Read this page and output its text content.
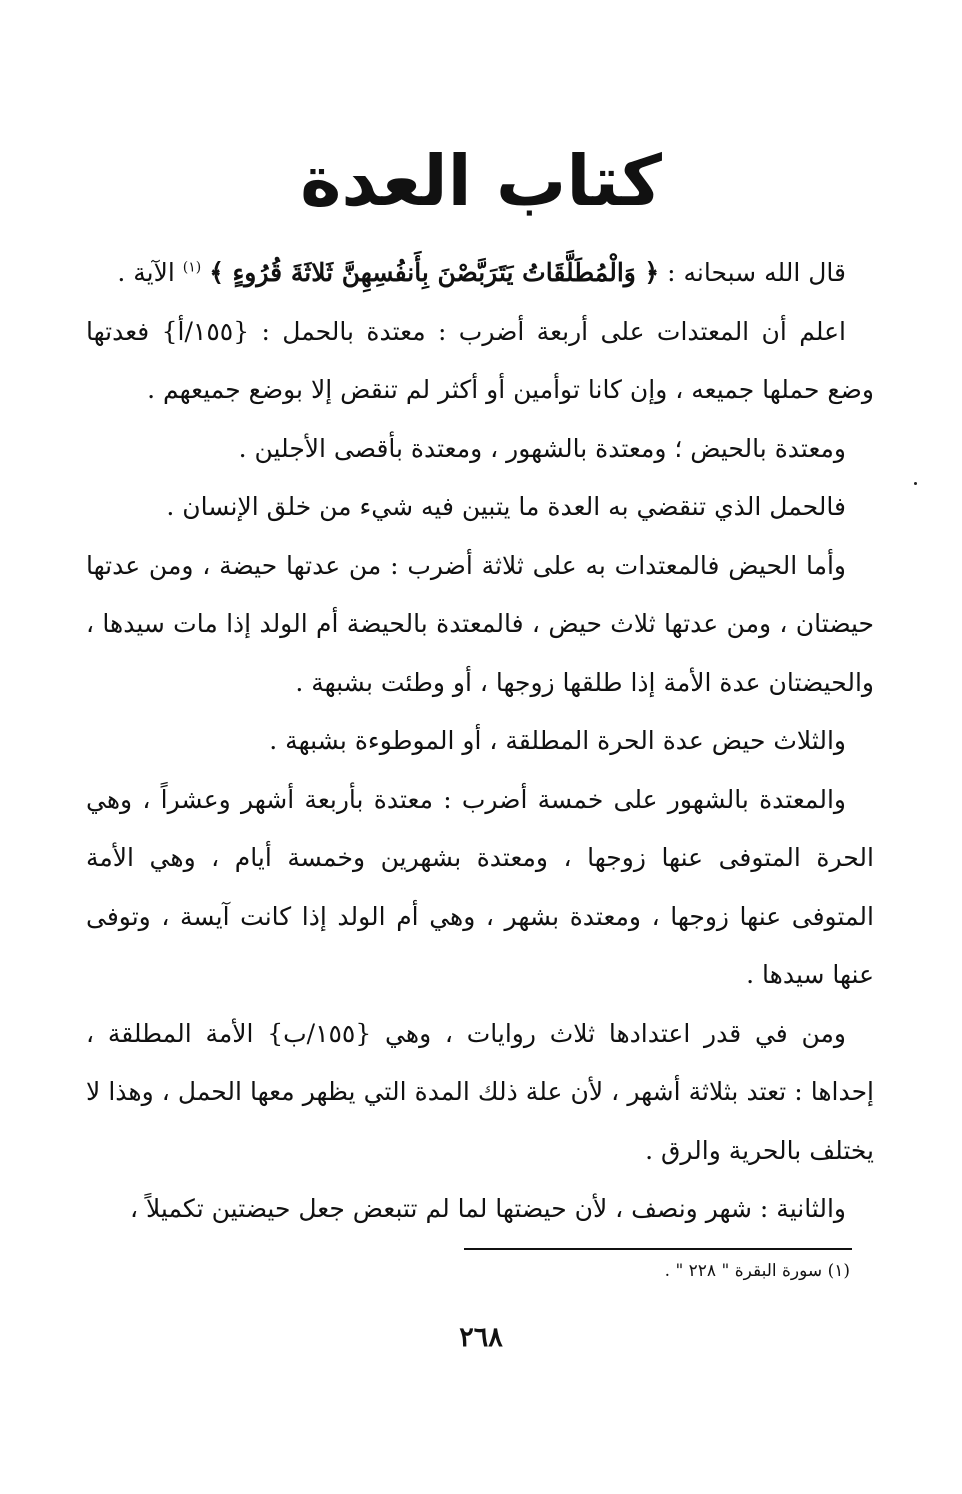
كتاب العدة

قال الله سبحانه : ﴿ وَالْمُطَلَّقَاتُ يَتَرَبَّصْنَ بِأَنفُسِهِنَّ ثَلاثَةَ قُرُوءٍ ﴾ $^{(١)}$ الآية .

اعلم أن المعتدات على أربعة أضرب : معتدة بالحمل : {١٥٥/أ} فعدتها وضع حملها جميعه ، وإن كانا توأمين أو أكثر لم تنقض إلا بوضع جميعهم .

ومعتدة بالحيض ؛ ومعتدة بالشهور ، ومعتدة بأقصى الأجلين .

فالحمل الذي تنقضي به العدة ما يتبين فيه شيء من خلق الإنسان .

وأما الحيض فالمعتدات به على ثلاثة أضرب : من عدتها حيضة ، ومن عدتها حيضتان ، ومن عدتها ثلاث حيض ، فالمعتدة بالحيضة أم الولد إذا مات سيدها ، والحيضتان عدة الأمة إذا طلقها زوجها ، أو وطئت بشبهة .

والثلاث حيض عدة الحرة المطلقة ، أو الموطوءة بشبهة .

والمعتدة بالشهور على خمسة أضرب : معتدة بأربعة أشهر وعشراً ، وهي الحرة المتوفى عنها زوجها ، ومعتدة بشهرين وخمسة أيام ، وهي الأمة المتوفى عنها زوجها ، ومعتدة بشهر ، وهي أم الولد إذا كانت آيسة ، وتوفى عنها سيدها .

ومن في قدر اعتدادها ثلاث روايات ، وهي {١٥٥/ب} الأمة المطلقة ، إحداها : تعتد بثلاثة أشهر ، لأن علة ذلك المدة التي يظهر معها الحمل ، وهذا لا يختلف بالحرية والرق .

والثانية : شهر ونصف ، لأن حيضتها لما لم تتبعض جعل حيضتين تكميلاً ،

(١) سورة البقرة " ٢٢٨ " .

٢٦٨
